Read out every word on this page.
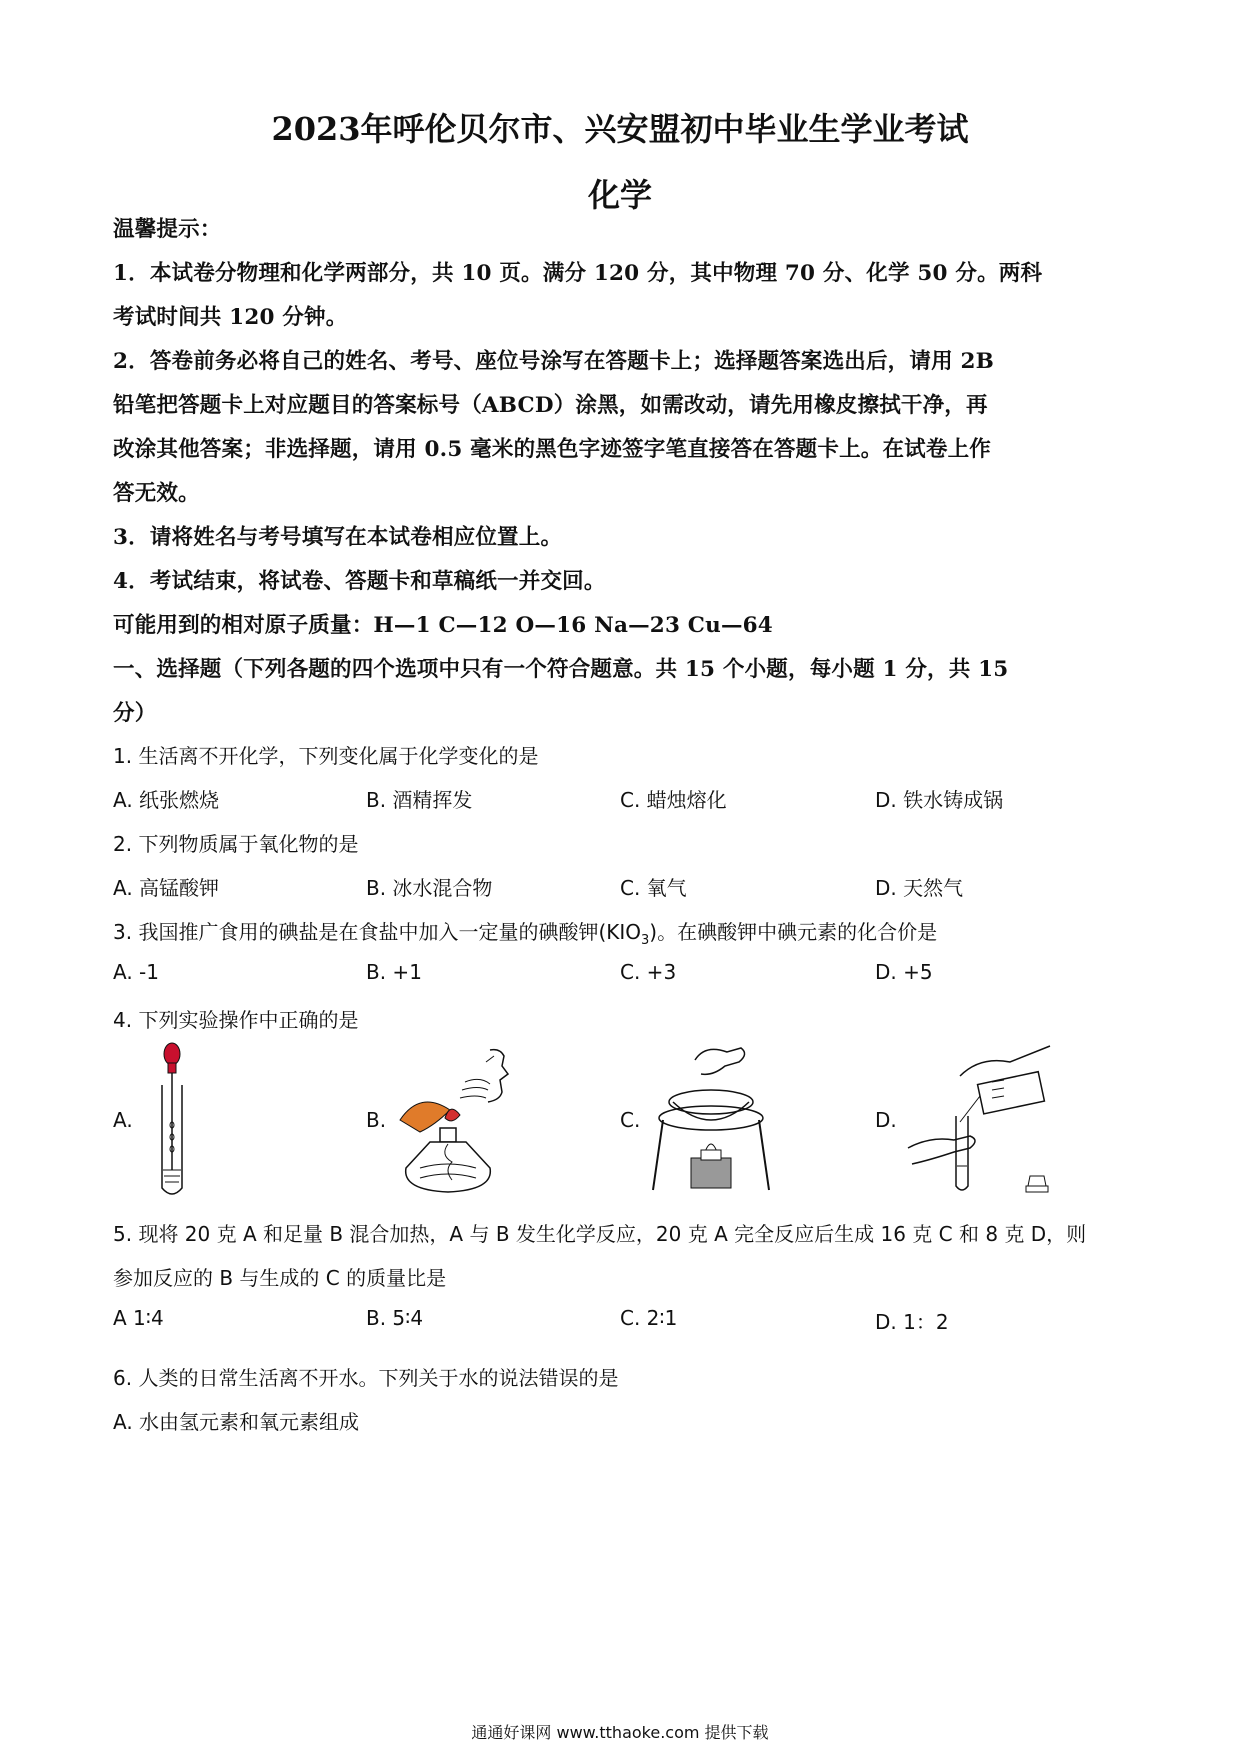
2023年呼伦贝尔市、兴安盟初中毕业生学业考试
化学
温馨提示：
1．本试卷分物理和化学两部分，共 10 页。满分 120 分，其中物理 70 分、化学 50 分。两科
考试时间共 120 分钟。
2．答卷前务必将自己的姓名、考号、座位号涂写在答题卡上；选择题答案选出后，请用 2B
铅笔把答题卡上对应题目的答案标号（ABCD）涂黑，如需改动，请先用橡皮擦拭干净，再
改涂其他答案；非选择题，请用 0.5 毫米的黑色字迹签字笔直接答在答题卡上。在试卷上作
答无效。
3．请将姓名与考号填写在本试卷相应位置上。
4．考试结束，将试卷、答题卡和草稿纸一并交回。
可能用到的相对原子质量：H—1 C—12 O—16 Na—23 Cu—64
一、选择题（下列各题的四个选项中只有一个符合题意。共 15 个小题，每小题 1 分，共 15
分）
1. 生活离不开化学，下列变化属于化学变化的是
A. 纸张燃烧	B. 酒精挥发	C. 蜡烛熔化	D. 铁水铸成锅
2. 下列物质属于氧化物的是
A. 高锰酸钾	B. 冰水混合物	C. 氧气	D. 天然气
3. 我国推广食用的碘盐是在食盐中加入一定量的碘酸钾$(KIO_3)$。在碘酸钾中碘元素的化合价是
A. -1	B. +1	C. +3	D. +5
4. 下列实验操作中正确的是
A.	B.	C.	D.
5. 现将 20 克 A 和足量 B 混合加热，A 与 B 发生化学反应，20 克 A 完全反应后生成 16 克 C 和 8 克 D，则
参加反应的 B 与生成的 C 的质量比是
A 1∶4	B. 5∶4	C. 2∶1	D. 1：2
6. 人类的日常生活离不开水。下列关于水的说法错误的是
A. 水由氢元素和氧元素组成
通通好课网 www.tthaoke.com 提供下载
